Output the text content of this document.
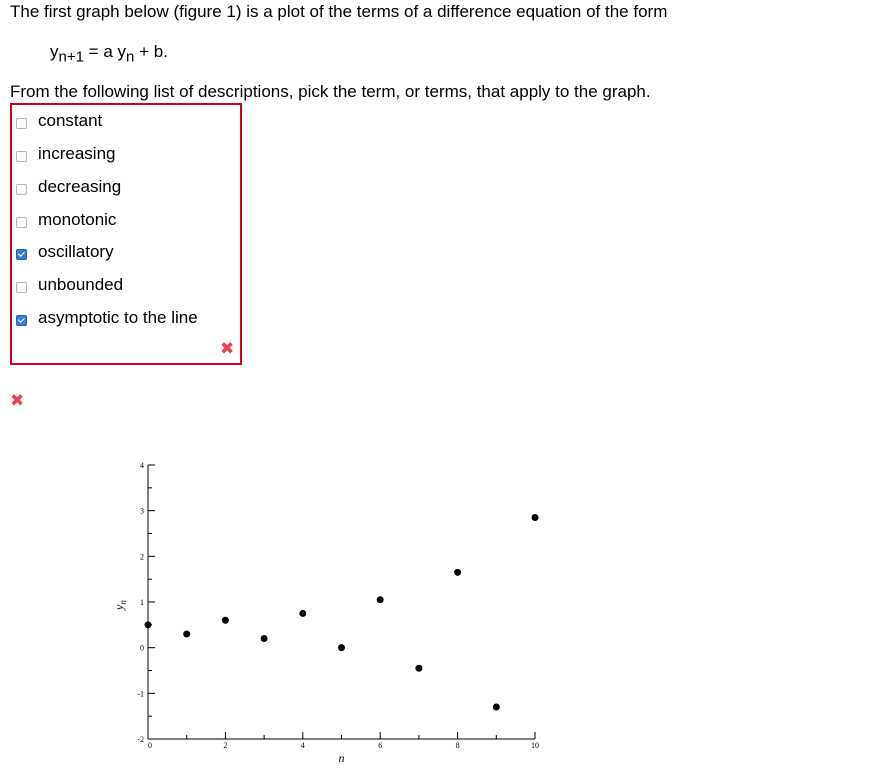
The first graph below (figure 1) is a plot of the terms of a difference equation of the form
$y_{n+1} = a$ $y_n + b$.
From the following list of descriptions, pick the term, or terms, that apply to the graph.
constant
increasing
decreasing
monotonic
oscillatory
unbounded
asymptotic to the line
✖
✖
-2
-1
0
1
2
3
4
0	2	4	6	8	10
n
$y_n$
